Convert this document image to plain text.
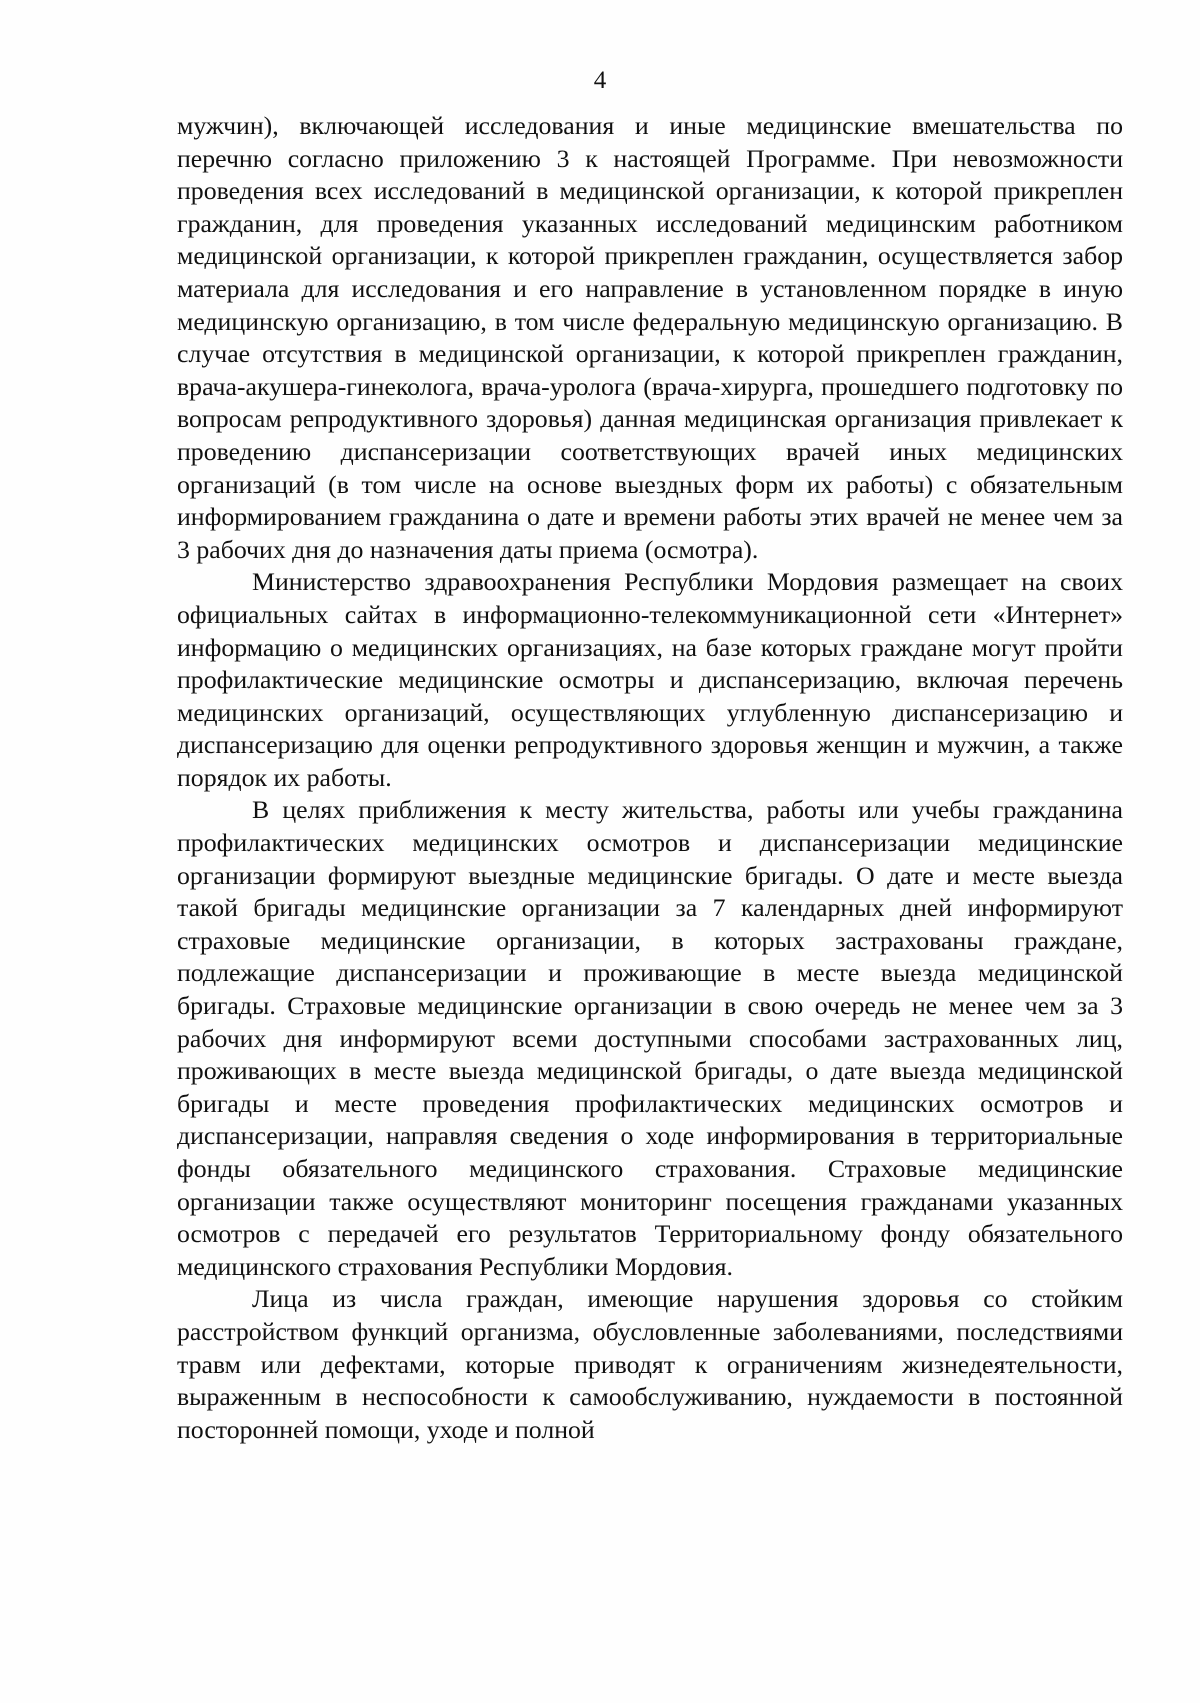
4

мужчин), включающей исследования и иные медицинские вмешательства по перечню согласно приложению 3 к настоящей Программе. При невозможности проведения всех исследований в медицинской организации, к которой прикреплен гражданин, для проведения указанных исследований медицинским работником медицинской организации, к которой прикреплен гражданин, осуществляется забор материала для исследования и его направление в установленном порядке в иную медицинскую организацию, в том числе федеральную медицинскую организацию. В случае отсутствия в медицинской организации, к которой прикреплен гражданин, врача-акушера-гинеколога, врача-уролога (врача-хирурга, прошедшего подготовку по вопросам репродуктивного здоровья) данная медицинская организация привлекает к проведению диспансеризации соответствующих врачей иных медицинских организаций (в том числе на основе выездных форм их работы) с обязательным информированием гражданина о дате и времени работы этих врачей не менее чем за 3 рабочих дня до назначения даты приема (осмотра).

Министерство здравоохранения Республики Мордовия размещает на своих официальных сайтах в информационно-телекоммуникационной сети «Интернет» информацию о медицинских организациях, на базе которых граждане могут пройти профилактические медицинские осмотры и диспансеризацию, включая перечень медицинских организаций, осуществляющих углубленную диспансеризацию и диспансеризацию для оценки репродуктивного здоровья женщин и мужчин, а также порядок их работы.

В целях приближения к месту жительства, работы или учебы гражданина профилактических медицинских осмотров и диспансеризации медицинские организации формируют выездные медицинские бригады. О дате и месте выезда такой бригады медицинские организации за 7 календарных дней информируют страховые медицинские организации, в которых застрахованы граждане, подлежащие диспансеризации и проживающие в месте выезда медицинской бригады. Страховые медицинские организации в свою очередь не менее чем за 3 рабочих дня информируют всеми доступными способами застрахованных лиц, проживающих в месте выезда медицинской бригады, о дате выезда медицинской бригады и месте проведения профилактических медицинских осмотров и диспансеризации, направляя сведения о ходе информирования в территориальные фонды обязательного медицинского страхования. Страховые медицинские организации также осуществляют мониторинг посещения гражданами указанных осмотров с передачей его результатов Территориальному фонду обязательного медицинского страхования Республики Мордовия.

Лица из числа граждан, имеющие нарушения здоровья со стойким расстройством функций организма, обусловленные заболеваниями, последствиями травм или дефектами, которые приводят к ограничениям жизнедеятельности, выраженным в неспособности к самообслуживанию, нуждаемости в постоянной посторонней помощи, уходе и полной
